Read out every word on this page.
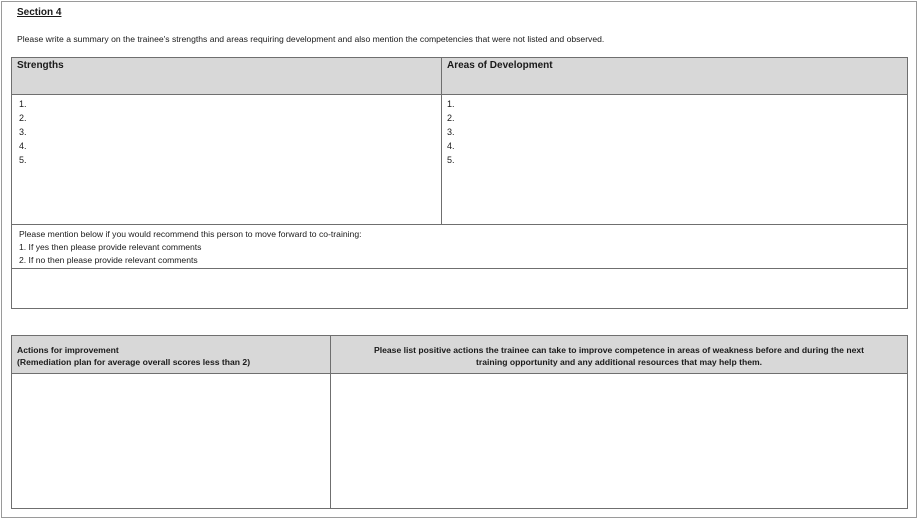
Section 4

Please write a summary on the trainee's strengths and areas requiring development and also mention the competencies that were not listed and observed.

Strengths	Areas of Development

1.
2.
3.
4.
5.
1.
2.
3.
4.
5.

Please mention below if you would recommend this person to move forward to co-training:

1. If yes then please provide relevant comments

2. If no then please provide relevant comments

Actions for improvement
(Remediation plan for average overall scores less than 2)
Please list positive actions the trainee can take to improve competence in areas of weakness before and during the next
training opportunity and any additional resources that may help them.
